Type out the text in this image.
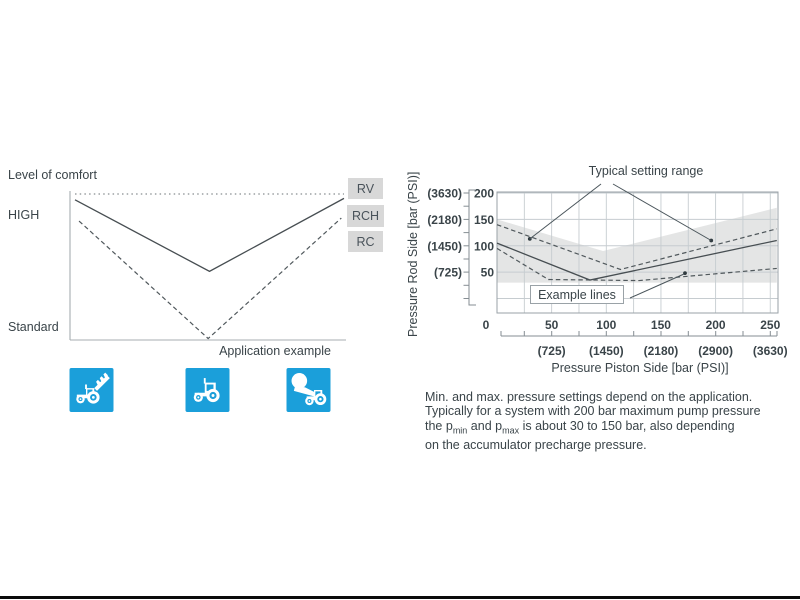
Level of comfort
HIGH
Standard
Application example
RV
RCH
RC
Typical setting range
Pressure Rod Side [bar (PSI)]	0	50	100	150	200	250
(725) (1450) (2180) (2900) (3630)
200
150
100
50
(3630)
(2180)
(1450)
(725)
Example lines
Pressure Piston Side [bar (PSI)]
Min. and max. pressure settings depend on the application.
Typically for a system with 200 bar maximum pump pressure
the $p_{min}$ and $p_{max}$ is about 30 to 150 bar, also depending
on the accumulator precharge pressure.
